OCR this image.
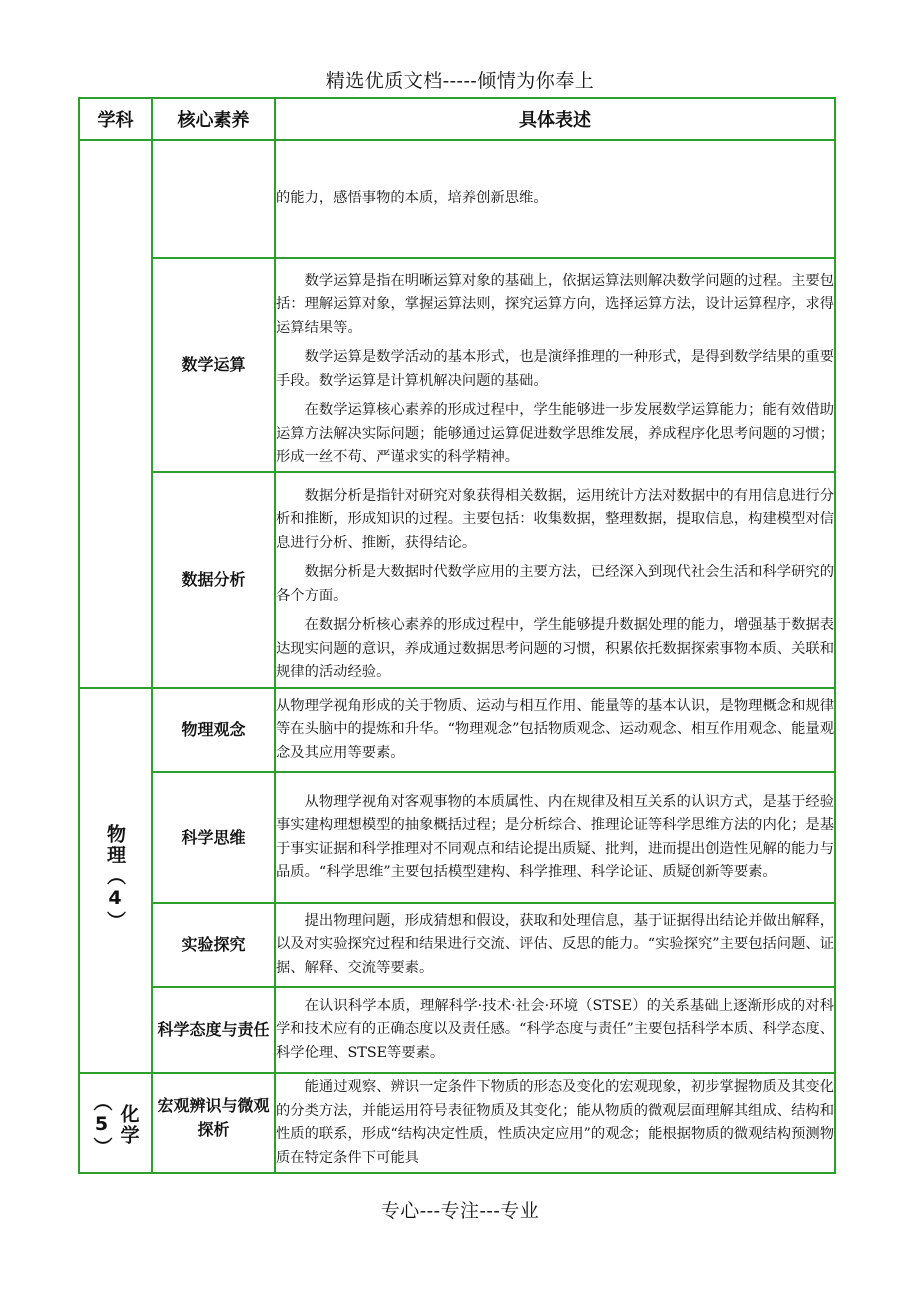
精选优质文档-----倾情为你奉上
学科	核心素养	具体表述

		的能力，感悟事物的本质，培养创新思维。

	数学运算	数学运算是指在明晰运算对象的基础上，依据运算法则解决数学问题的过程。主要包括：理解运算对象，掌握运算法则，探究运算方向，选择运算方法，设计运算程序，求得运算结果等。

数学运算是数学活动的基本形式，也是演绎推理的一种形式，是得到数学结果的重要手段。数学运算是计算机解决问题的基础。

在数学运算核心素养的形成过程中，学生能够进一步发展数学运算能力；能有效借助运算方法解决实际问题；能够通过运算促进数学思维发展，养成程序化思考问题的习惯；形成一丝不苟、严谨求实的科学精神。

	数据分析	数据分析是指针对研究对象获得相关数据，运用统计方法对数据中的有用信息进行分析和推断，形成知识的过程。主要包括：收集数据，整理数据，提取信息，构建模型对信息进行分析、推断，获得结论。

数据分析是大数据时代数学应用的主要方法，已经深入到现代社会生活和科学研究的各个方面。

在数据分析核心素养的形成过程中，学生能够提升数据处理的能力，增强基于数据表达现实问题的意识，养成通过数据思考问题的习惯，积累依托数据探索事物本质、关联和规律的活动经验。

物理（4）	物理观念	从物理学视角形成的关于物质、运动与相互作用、能量等的基本认识，是物理概念和规律等在头脑中的提炼和升华。“物理观念”包括物质观念、运动观念、相互作用观念、能量观念及其应用等要素。

	科学思维	从物理学视角对客观事物的本质属性、内在规律及相互关系的认识方式，是基于经验事实建构理想模型的抽象概括过程；是分析综合、推理论证等科学思维方法的内化；是基于事实证据和科学推理对不同观点和结论提出质疑、批判，进而提出创造性见解的能力与品质。“科学思维”主要包括模型建构、科学推理、科学论证、质疑创新等要素。

	实验探究	提出物理问题，形成猜想和假设，获取和处理信息，基于证据得出结论并做出解释，以及对实验探究过程和结果进行交流、评估、反思的能力。“实验探究”主要包括问题、证据、解释、交流等要素。

	科学态度与责任	在认识科学本质，理解科学·技术·社会·环境（STSE）的关系基础上逐渐形成的对科学和技术应有的正确态度以及责任感。“科学态度与责任”主要包括科学本质、科学态度、科学伦理、STSE等要素。

化学（5）	宏观辨识与微观探析	能通过观察、辨识一定条件下物质的形态及变化的宏观现象，初步掌握物质及其变化的分类方法，并能运用符号表征物质及其变化；能从物质的微观层面理解其组成、结构和性质的联系，形成“结构决定性质，性质决定应用”的观念；能根据物质的微观结构预测物质在特定条件下可能具

专心---专注---专业
